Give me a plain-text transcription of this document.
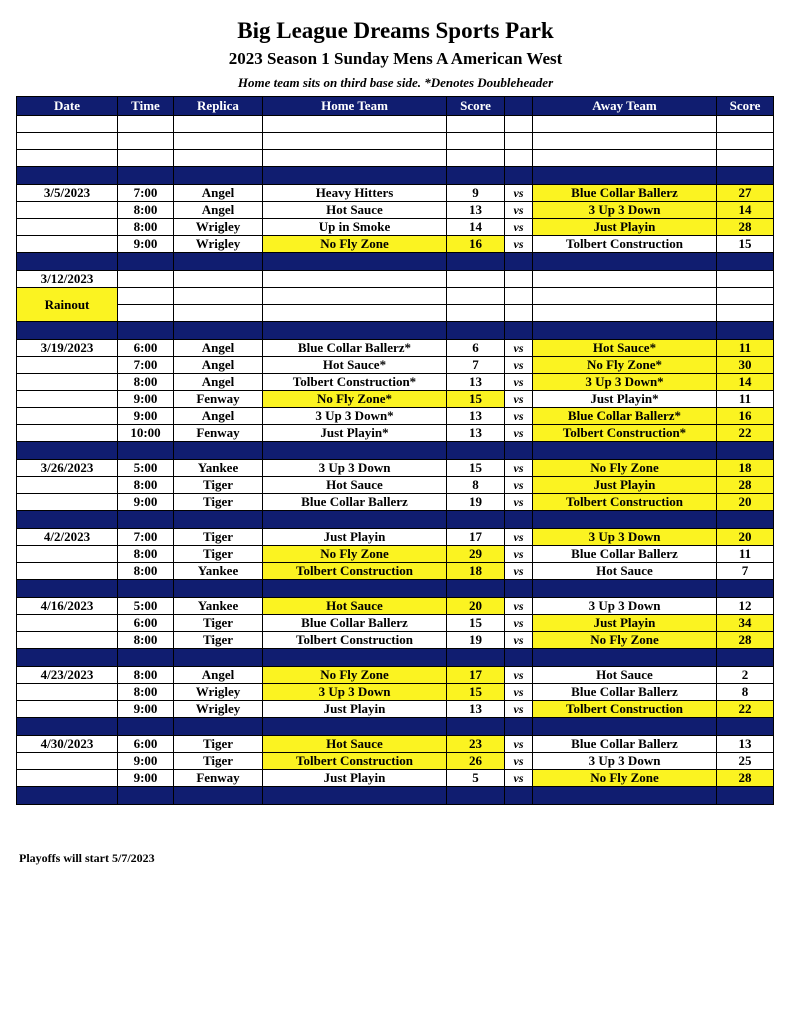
Big League Dreams Sports Park
2023 Season 1 Sunday Mens A American West
Home team sits on third base side. *Denotes Doubleheader
Date	Time	Replica	Home Team	Score		Away Team	Score

3/5/2023	7:00	Angel	Heavy Hitters	9	vs	Blue Collar Ballerz	27
	8:00	Angel	Hot Sauce	13	vs	3 Up 3 Down	14
	8:00	Wrigley	Up in Smoke	14	vs	Just Playin	28
	9:00	Wrigley	No Fly Zone	16	vs	Tolbert Construction	15

3/12/2023							
Rainout							

3/19/2023	6:00	Angel	Blue Collar Ballerz*	6	vs	Hot Sauce*	11
	7:00	Angel	Hot Sauce*	7	vs	No Fly Zone*	30
	8:00	Angel	Tolbert Construction*	13	vs	3 Up 3 Down*	14
	9:00	Fenway	No Fly Zone*	15	vs	Just Playin*	11
	9:00	Angel	3 Up 3 Down*	13	vs	Blue Collar Ballerz*	16
	10:00	Fenway	Just Playin*	13	vs	Tolbert Construction*	22

3/26/2023	5:00	Yankee	3 Up 3 Down	15	vs	No Fly Zone	18
	8:00	Tiger	Hot Sauce	8	vs	Just Playin	28
	9:00	Tiger	Blue Collar Ballerz	19	vs	Tolbert Construction	20

4/2/2023	7:00	Tiger	Just Playin	17	vs	3 Up 3 Down	20
	8:00	Tiger	No Fly Zone	29	vs	Blue Collar Ballerz	11
	8:00	Yankee	Tolbert Construction	18	vs	Hot Sauce	7

4/16/2023	5:00	Yankee	Hot Sauce	20	vs	3 Up 3 Down	12
	6:00	Tiger	Blue Collar Ballerz	15	vs	Just Playin	34
	8:00	Tiger	Tolbert Construction	19	vs	No Fly Zone	28

4/23/2023	8:00	Angel	No Fly Zone	17	vs	Hot Sauce	2
	8:00	Wrigley	3 Up 3 Down	15	vs	Blue Collar Ballerz	8
	9:00	Wrigley	Just Playin	13	vs	Tolbert Construction	22

4/30/2023	6:00	Tiger	Hot Sauce	23	vs	Blue Collar Ballerz	13
	9:00	Tiger	Tolbert Construction	26	vs	3 Up 3 Down	25
	9:00	Fenway	Just Playin	5	vs	No Fly Zone	28

Playoffs will start 5/7/2023
